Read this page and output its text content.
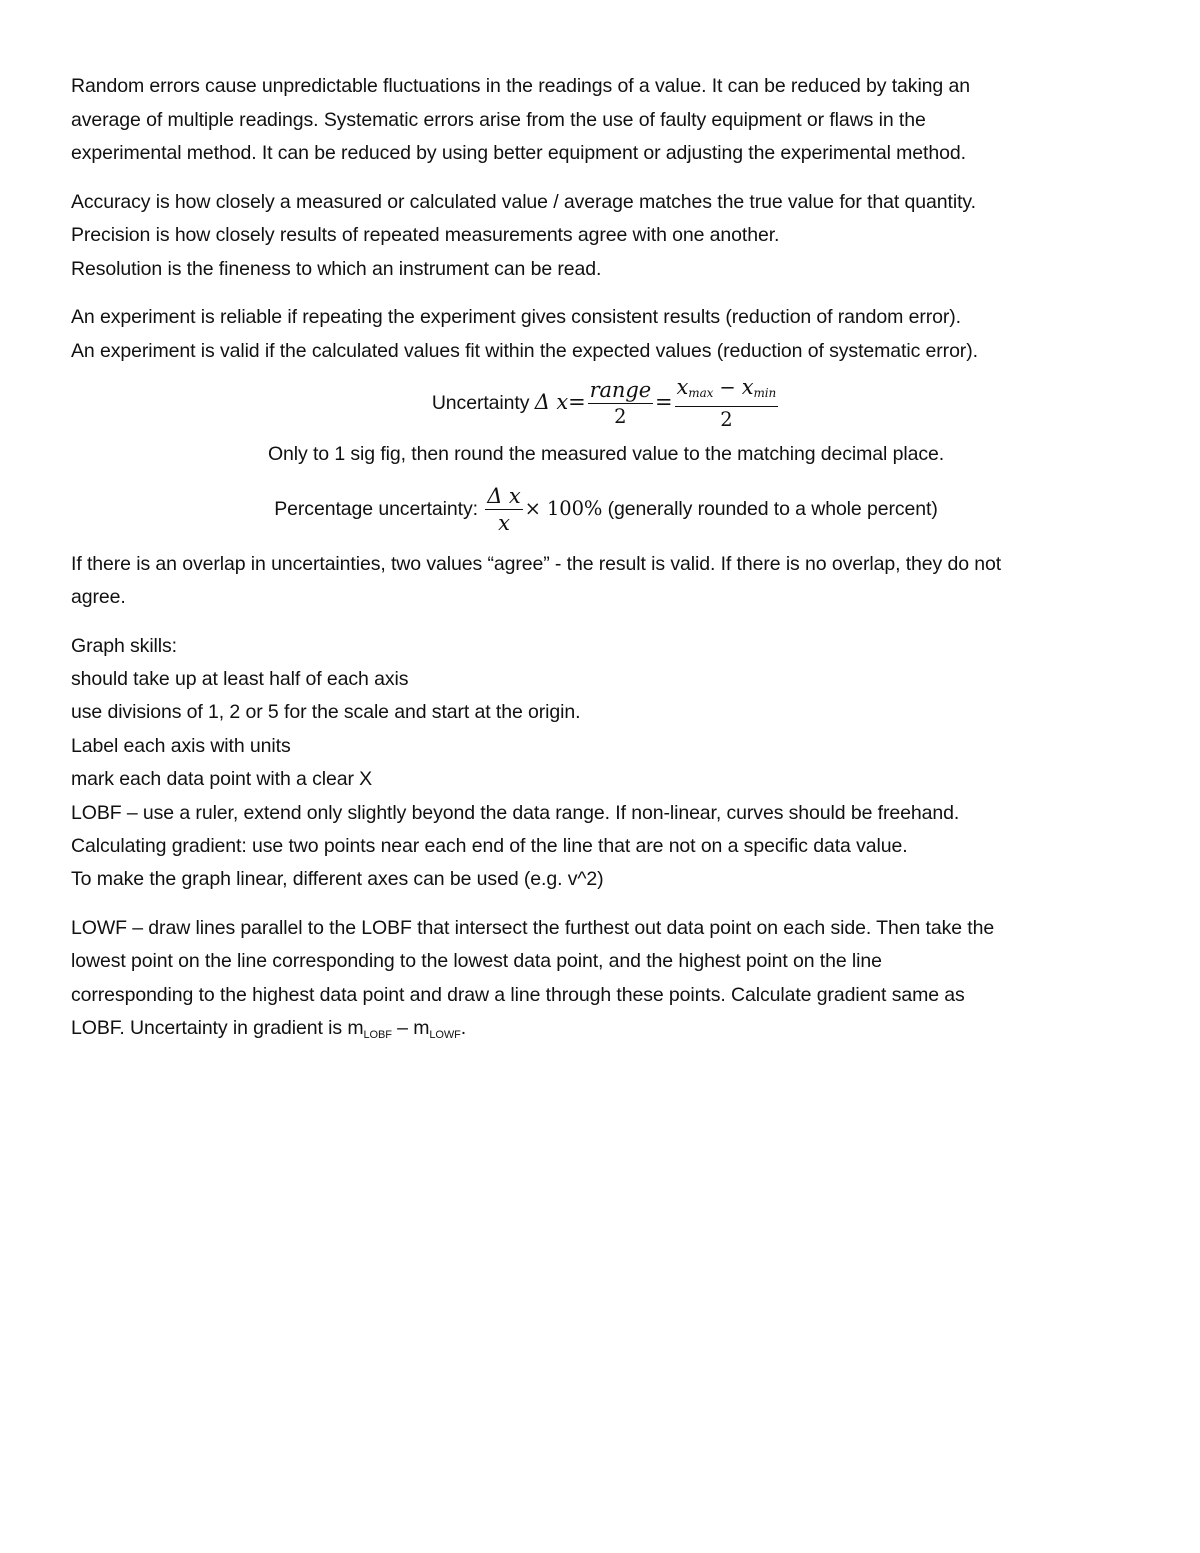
Random errors cause unpredictable fluctuations in the readings of a value. It can be reduced by taking an
average of multiple readings. Systematic errors arise from the use of faulty equipment or flaws in the
experimental method. It can be reduced by using better equipment or adjusting the experimental method.
Accuracy is how closely a measured or calculated value / average matches the true value for that quantity.
Precision is how closely results of repeated measurements agree with one another.
Resolution is the fineness to which an instrument can be read.
An experiment is reliable if repeating the experiment gives consistent results (reduction of random error).
An experiment is valid if the calculated values fit within the expected values (reduction of systematic error).
Uncertainty Δ $x= \frac{\text{range}}{2} = \frac{xmax - xmin}{2}$
Only to 1 sig fig, then round the measured value to the matching decimal place.
Percentage uncertainty: $\frac{\text{Δ x}}{x} \times 100\%$ (generally rounded to a whole percent)
If there is an overlap in uncertainties, two values “agree” - the result is valid. If there is no overlap, they do not
agree.
Graph skills:
should take up at least half of each axis
use divisions of 1, 2 or 5 for the scale and start at the origin.
Label each axis with units
mark each data point with a clear X
LOBF – use a ruler, extend only slightly beyond the data range. If non-linear, curves should be freehand.
Calculating gradient: use two points near each end of the line that are not on a specific data value.
To make the graph linear, different axes can be used (e.g. v^2)
LOWF – draw lines parallel to the LOBF that intersect the furthest out data point on each side. Then take the
lowest point on the line corresponding to the lowest data point, and the highest point on the line
corresponding to the highest data point and draw a line through these points. Calculate gradient same as
LOBF. Uncertainty in gradient is $m_{LOBF} - m_{LOWF}$.
